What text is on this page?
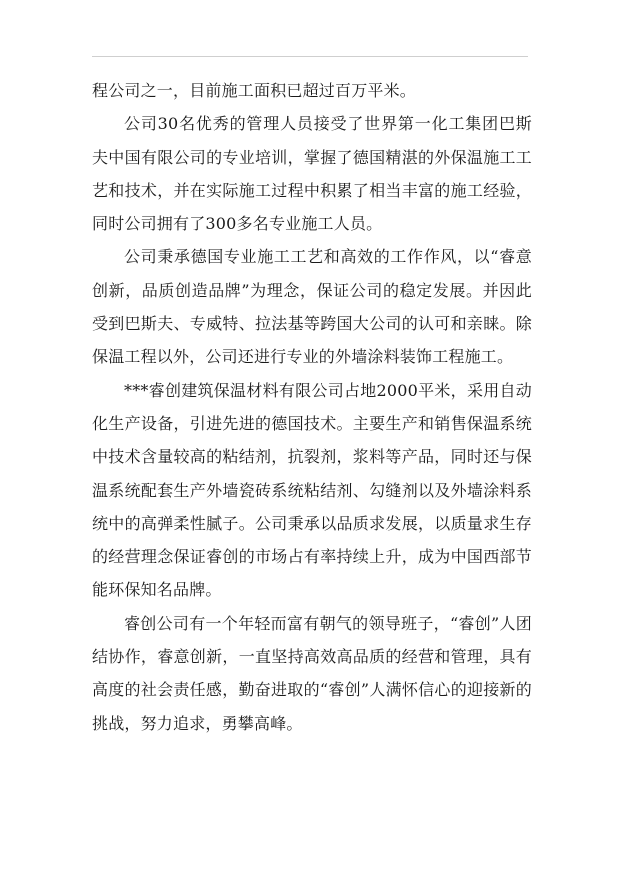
程公司之一，目前施工面积已超过百万平米。

公司30名优秀的管理人员接受了世界第一化工集团巴斯夫中国有限公司的专业培训，掌握了德国精湛的外保温施工工艺和技术，并在实际施工过程中积累了相当丰富的施工经验，同时公司拥有了300多名专业施工人员。

公司秉承德国专业施工工艺和高效的工作作风，以“睿意创新，品质创造品牌”为理念，保证公司的稳定发展。并因此受到巴斯夫、专威特、拉法基等跨国大公司的认可和亲睐。除保温工程以外，公司还进行专业的外墙涂料装饰工程施工。

***睿创建筑保温材料有限公司占地2000平米，采用自动化生产设备，引进先进的德国技术。主要生产和销售保温系统中技术含量较高的粘结剂，抗裂剂，浆料等产品，同时还与保温系统配套生产外墙瓷砖系统粘结剂、勾缝剂以及外墙涂料系统中的高弹柔性腻子。公司秉承以品质求发展，以质量求生存的经营理念保证睿创的市场占有率持续上升，成为中国西部节能环保知名品牌。

睿创公司有一个年轻而富有朝气的领导班子，“睿创”人团结协作，睿意创新，一直坚持高效高品质的经营和管理，具有高度的社会责任感，勤奋进取的“睿创”人满怀信心的迎接新的挑战，努力追求，勇攀高峰。
